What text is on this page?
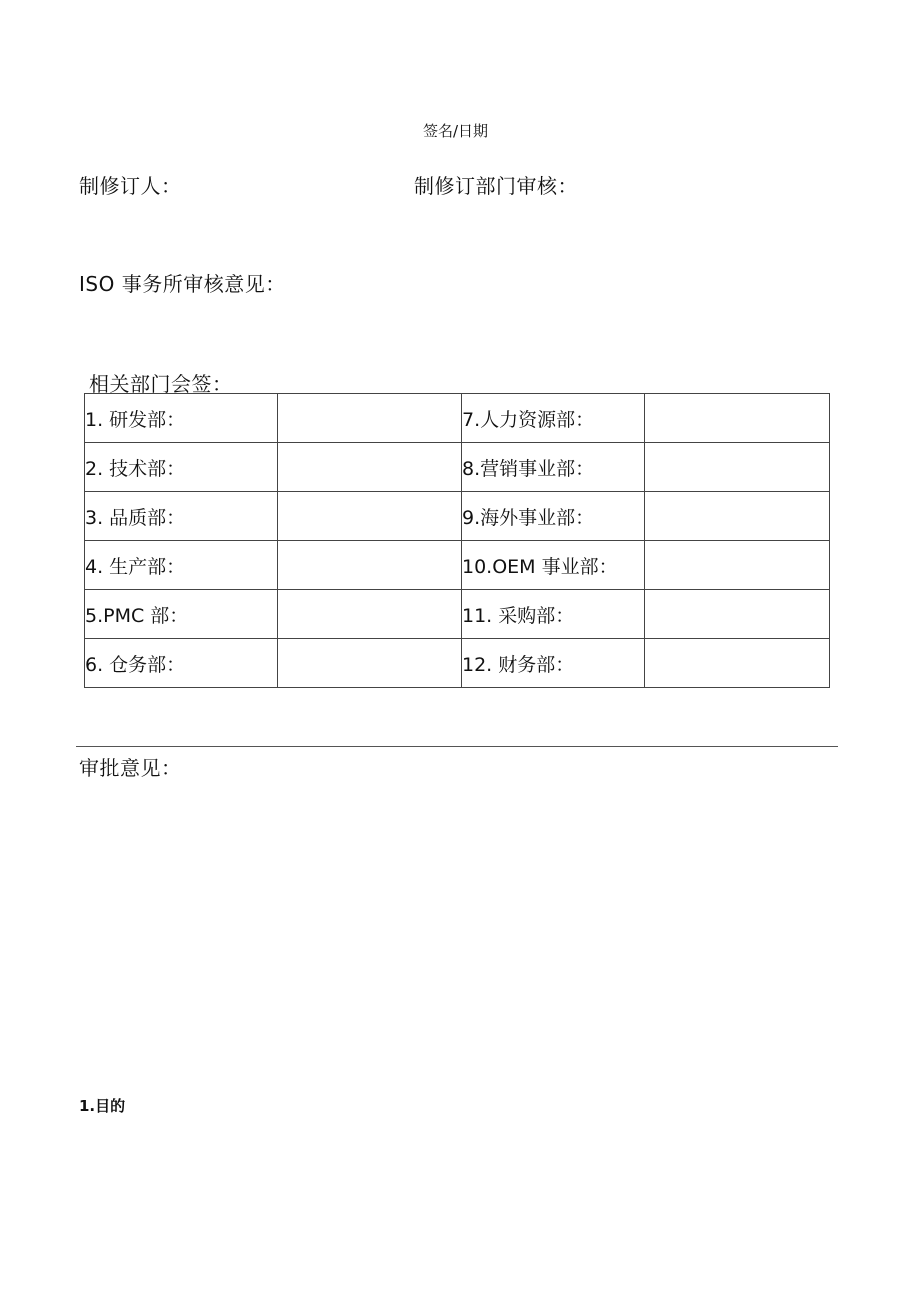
签名/日期
制修订人：	制修订部门审核：
ISO 事务所审核意见：
相关部门会签：
1. 研发部：		7.人力资源部：	
2. 技术部：		8.营销事业部：	
3. 品质部：		9.海外事业部：	
4. 生产部：		10.OEM 事业部：	
5.PMC 部：		11. 采购部：	
6. 仓务部：		12. 财务部：	
审批意见：
1.目的
